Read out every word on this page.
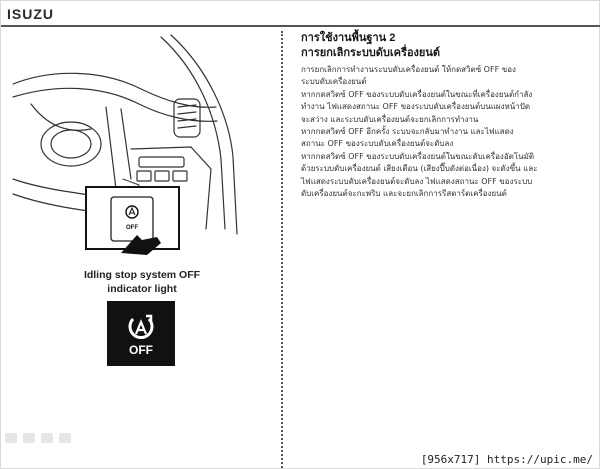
ISUZU
OFF
Idling stop system OFF
indicator light
OFF
การใช้งานพื้นฐาน 2
การยกเลิกระบบดับเครื่องยนต์

การยกเลิกการทำงานระบบดับเครื่องยนต์ ให้กดสวิตซ์ OFF ของ

ระบบดับเครื่องยนต์

หากกดสวิตซ์ OFF ของระบบดับเครื่องยนต์ในขณะที่เครื่องยนต์กำลัง

ทำงาน ไฟแสดงสถานะ OFF ของระบบดับเครื่องยนต์บนแผงหน้าปัด

จะสว่าง และระบบดับเครื่องยนต์จะยกเลิกการทำงาน

หากกดสวิตซ์ OFF อีกครั้ง ระบบจะกลับมาทำงาน และไฟแสดง

สถานะ OFF ของระบบดับเครื่องยนต์จะดับลง

หากกดสวิตซ์ OFF ของระบบดับเครื่องยนต์ในขณะดับเครื่องอัตโนมัติ

ด้วยระบบดับเครื่องยนต์ เสียงเตือน (เสียงปี๊บดังต่อเนื่อง) จะดังขึ้น และ

ไฟแสดงระบบดับเครื่องยนต์จะดับลง ไฟแสดงสถานะ OFF ของระบบ

ดับเครื่องยนต์จะกะพริบ และจะยกเลิกการรีสตาร์ตเครื่องยนต์

[956x717] https://upic.me/
